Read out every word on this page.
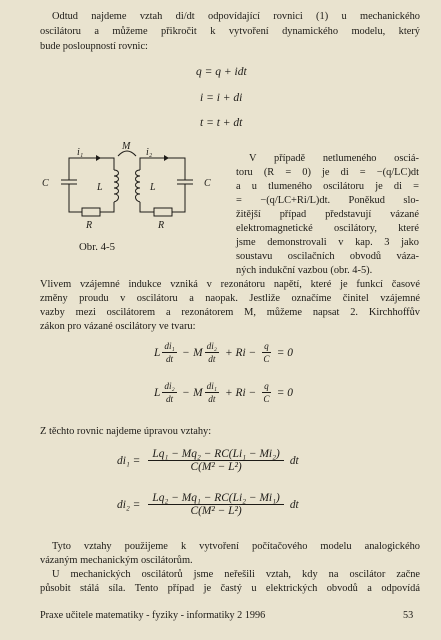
Odtud najdeme vztah di/dt odpovídající rovnici (1) u mechanického
oscilátoru a můžeme přikročit k vytvoření dynamického modelu, který
bude posloupností rovnic:
q = q + idt
i = i + di
t = t + dt
i₁	i₂
M
C	L	L	C
R	R
Obr. 4-5
V případě netlumeného osciá-
toru (R = 0) je di = −(q/LC)dt
a u tlumeného oscilátoru je di =
= −(q/LC+Ri/L)dt. Poněkud slo-
žitější případ představují vázané
elektromagnetické oscilátory, které
jsme demonstrovali v kap. 3 jako
soustavu oscilačních obvodů váza-
ných indukční vazbou (obr. 4-5).
Vlivem vzájemné indukce vzniká v rezonátoru napětí, které je funkcí časové
změny proudu v oscilátoru a naopak. Jestliže označíme činitel vzájemné
vazby mezi oscilátorem a rezonátorem M, můžeme napsat 2. Kirchhoffův
zákon pro vázané oscilátory ve tvaru:
L $\frac{\text{di₁}}{dt} - M \frac{\text{di₂}}{dt} + Ri - \frac{q}{C} = 0$
L $\frac{\text{di₂}}{dt} - M \frac{\text{di₁}}{dt} + Ri - \frac{q}{C} = 0$
Z těchto rovnic najdeme úpravou vztahy:
$di_1 = \frac{\text{Lq₁ − Mq₂ − RC(Li₁ − Mi₂)}}{\text{C(M² − L²)}}$ dt
$di_2 = \frac{\text{Lq₂ − Mq₁ − RC(Li₂ − Mi₁)}}{\text{C(M² − L²)}}$ dt
Tyto vztahy použijeme k vytvoření počítačového modelu analogického
vázaným mechanickým oscilátorům.
U mechanických oscilátorů jsme neřešili vztah, kdy na oscilátor začne
působit stálá síla. Tento případ je častý u elektrických obvodů a odpovídá
Praxe učitele matematiky - fyziky - informatiky 2 1996	53
